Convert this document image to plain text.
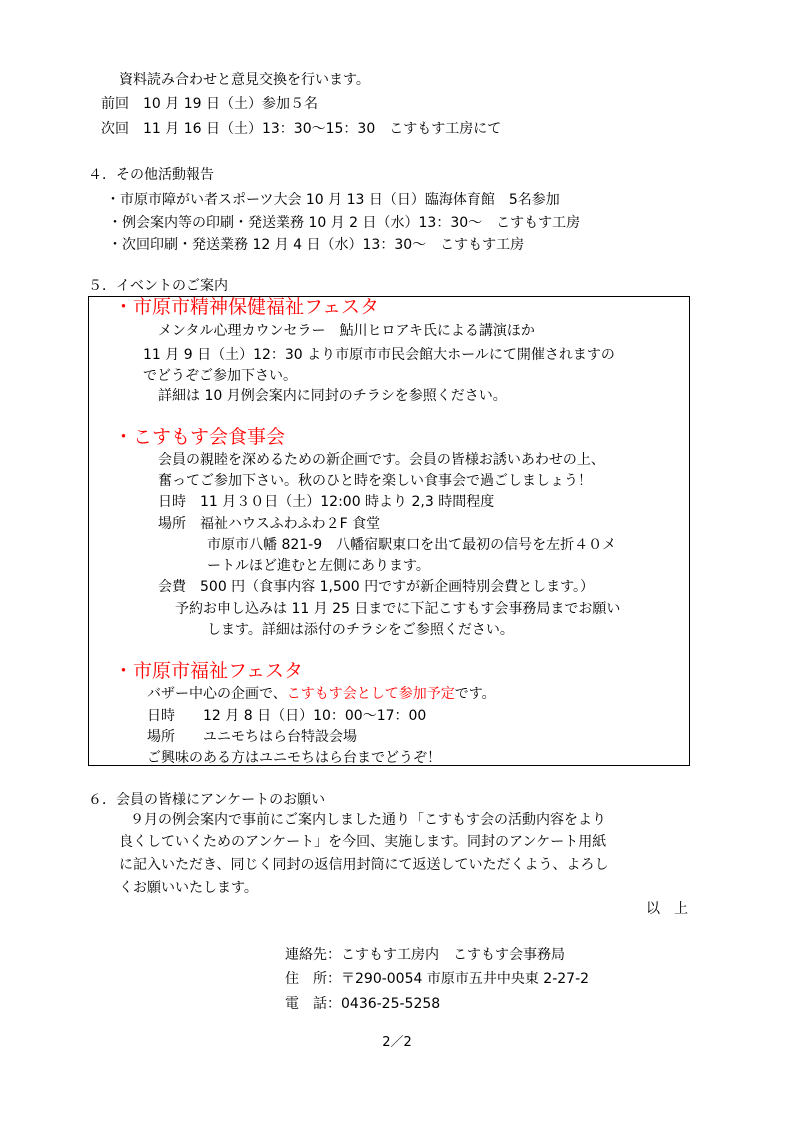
資料読み合わせと意見交換を行います。
前回　10 月 19 日（土）参加５名
次回　11 月 16 日（土）13：30〜15：30　こすもす工房にて
４．その他活動報告
・市原市障がい者スポーツ大会 10 月 13 日（日）臨海体育館　5名参加
・例会案内等の印刷・発送業務 10 月 2 日（水）13：30〜　こすもす工房
・次回印刷・発送業務 12 月 4 日（水）13：30〜　こすもす工房
５．イベントのご案内
・市原市精神保健福祉フェスタ
メンタル心理カウンセラー　鮎川ヒロアキ氏による講演ほか
11 月 9 日（土）12：30 より市原市市民会館大ホールにて開催されますの
でどうぞご参加下さい。
詳細は 10 月例会案内に同封のチラシを参照ください。
・こすもす会食事会
会員の親睦を深めるための新企画です。会員の皆様お誘いあわせの上、
奮ってご参加下さい。秋のひと時を楽しい食事会で過ごしましょう！
日時　11 月３０日（土）12:00 時より 2,3 時間程度
場所　福祉ハウスふわふわ２F 食堂
市原市八幡 821-9　八幡宿駅東口を出て最初の信号を左折４０メ
ートルほど進むと左側にあります。
会費　500 円（食事内容 1,500 円ですが新企画特別会費とします。）
予約お申し込みは 11 月 25 日までに下記こすもす会事務局までお願い
します。詳細は添付のチラシをご参照ください。
・市原市福祉フェスタ
バザー中心の企画で、こすもす会として参加予定です。
日時　　12 月 8 日（日）10：00〜17：00
場所　　ユニモちはら台特設会場
ご興味のある方はユニモちはら台までどうぞ！
６．会員の皆様にアンケートのお願い
９月の例会案内で事前にご案内しました通り「こすもす会の活動内容をより
良くしていくためのアンケート」を今回、実施します。同封のアンケート用紙
に記入いただき、同じく同封の返信用封筒にて返送していただくよう、よろし
くお願いいたします。
以　上
連絡先：こすもす工房内　こすもす会事務局
住　所：〒290-0054 市原市五井中央東 2-27-2
電　話：0436-25-5258
2／2
